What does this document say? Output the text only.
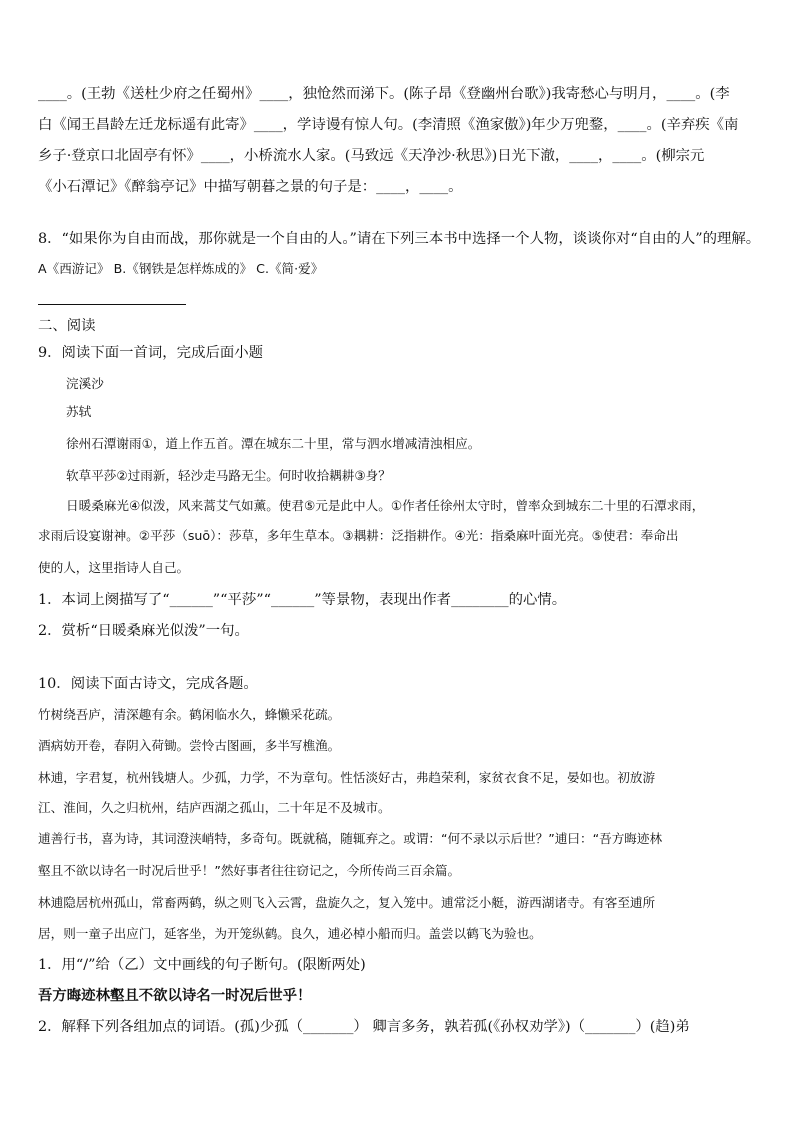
____。(王勃《送杜少府之任蜀州》____，独怆然而涕下。(陈子昂《登幽州台歌》)我寄愁心与明月，____。(李
白《闻王昌龄左迁龙标遥有此寄》____，学诗谩有惊人句。(李清照《渔家傲》)年少万兜鍪，____。(辛弃疾《南
乡子·登京口北固亭有怀》____，小桥流水人家。(马致远《天净沙·秋思》)日光下澈，____，____。(柳宗元
《小石潭记》《醉翁亭记》中描写朝暮之景的句子是：____，____。
8．“如果你为自由而战，那你就是一个自由的人。”请在下列三本书中选择一个人物，谈谈你对“自由的人”的理解。
A《西游记》 B.《钢铁是怎样炼成的》 C.《简·爱》
二、阅读
9．阅读下面一首词，完成后面小题
浣溪沙
苏轼
徐州石潭谢雨①，道上作五首。潭在城东二十里，常与泗水增减清浊相应。
软草平莎②过雨新，轻沙走马路无尘。何时收拾耦耕③身？
日暖桑麻光④似泼，风来蒿艾气如薰。使君⑤元是此中人。①作者任徐州太守时，曾率众到城东二十里的石潭求雨，
求雨后设宴谢神。②平莎（suō）：莎草，多年生草本。③耦耕：泛指耕作。④光：指桑麻叶面光亮。⑤使君：奉命出
使的人，这里指诗人自己。
1．本词上阕描写了“______”“平莎”“______”等景物，表现出作者________的心情。
2．赏析“日暖桑麻光似泼”一句。
10．阅读下面古诗文，完成各题。
竹树绕吾庐，清深趣有余。鹤闲临水久，蜂懒采花疏。
酒病妨开卷，春阴入荷锄。尝怜古图画，多半写樵渔。
林逋，字君复，杭州钱塘人。少孤，力学，不为章句。性恬淡好古，弗趋荣利，家贫衣食不足，晏如也。初放游
江、淮间，久之归杭州，结庐西湖之孤山，二十年足不及城市。
逋善行书，喜为诗，其词澄浃峭特，多奇句。既就稿，随辄弃之。或谓：“何不录以示后世？”逋曰：“吾方晦迹林
壑且不欲以诗名一时况后世乎！”然好事者往往窃记之，今所传尚三百余篇。
林逋隐居杭州孤山，常畜两鹤，纵之则飞入云霄，盘旋久之，复入笼中。逋常泛小艇，游西湖诸寺。有客至逋所
居，则一童子出应门，延客坐，为开笼纵鹤。良久，逋必棹小船而归。盖尝以鹤飞为验也。
1．用“/”给（乙）文中画线的句子断句。(限断两处)
吾方晦迹林壑且不欲以诗名一时况后世乎！
2．解释下列各组加点的词语。(孤)少孤（_______） 卿言多务，孰若孤(《孙权劝学》)（_______）(趋)弟
